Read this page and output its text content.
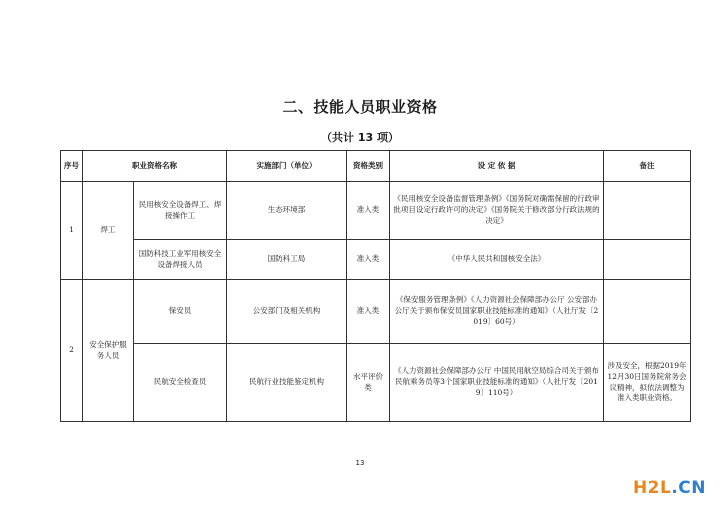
二、技能人员职业资格
（共计 13 项）
序号	职业资格名称		实施部门（单位）	资格类别	设 定 依 据	备注
1	焊工	民用核安全设备焊工、焊接操作工	生态环境部	准入类	《民用核安全设备监督管理条例》《国务院对确需保留的行政审批项目设定行政许可的决定》《国务院关于修改部分行政法规的决定》	
		国防科技工业军用核安全设备焊接人员	国防科工局	准入类	《中华人民共和国核安全法》	
2	安全保护服务人员	保安员	公安部门及相关机构	准入类	《保安服务管理条例》《人力资源社会保障部办公厅 公安部办公厅关于颁布保安员国家职业技能标准的通知》（人社厅发〔2019〕60号）	
		民航安全检查员	民航行业技能鉴定机构	水平评价类	《人力资源社会保障部办公厅 中国民用航空局综合司关于颁布民航乘务员等3个国家职业技能标准的通知》（人社厅发〔2019〕110号）	涉及安全，根据2019年12月30日国务院常务会议精神，拟依法调整为准入类职业资格。
13
H2L.CN
